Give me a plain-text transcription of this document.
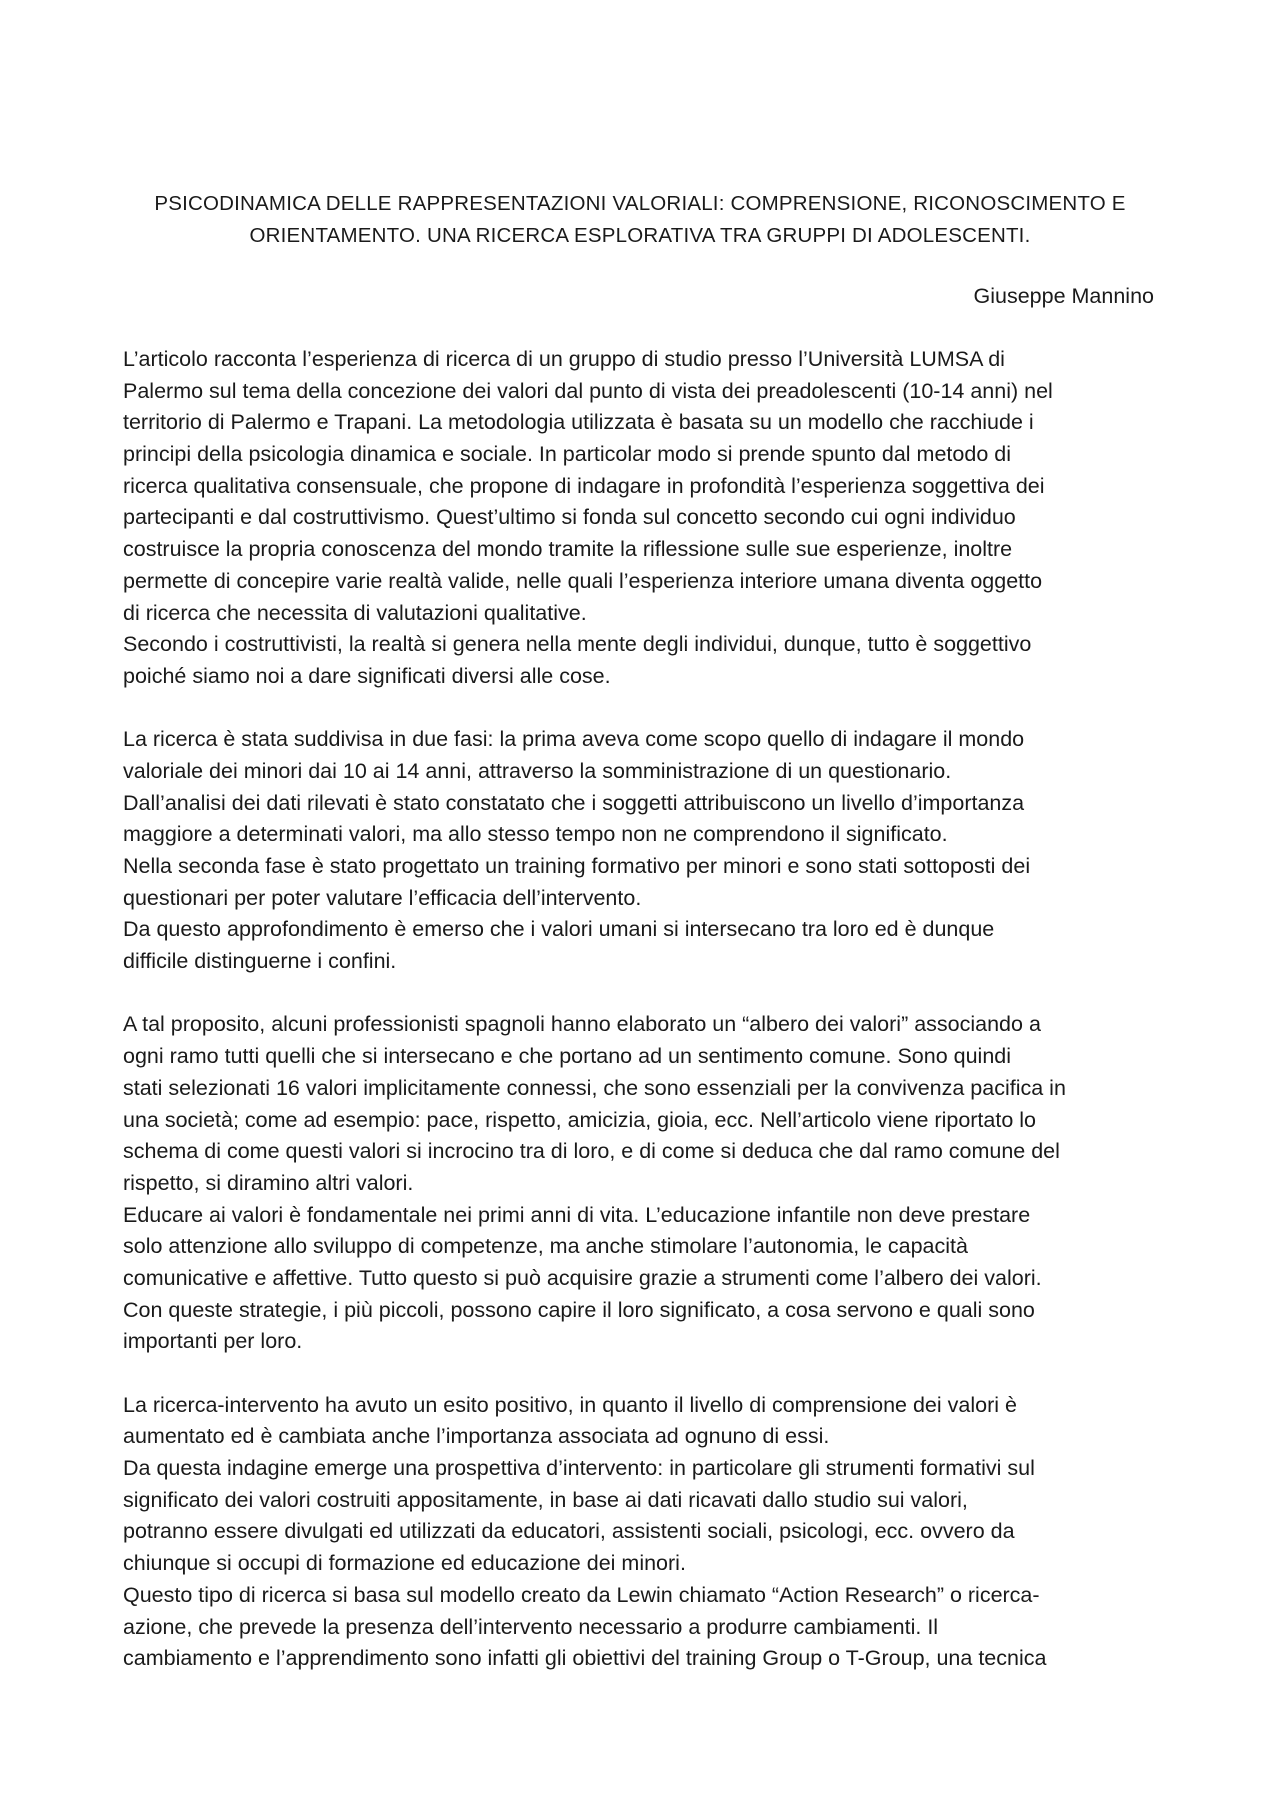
PSICODINAMICA DELLE RAPPRESENTAZIONI VALORIALI: COMPRENSIONE, RICONOSCIMENTO E
ORIENTAMENTO. UNA RICERCA ESPLORATIVA TRA GRUPPI DI ADOLESCENTI.
Giuseppe Mannino
L’articolo racconta l’esperienza di ricerca di un gruppo di studio presso l’Università LUMSA di
Palermo sul tema della concezione dei valori dal punto di vista dei preadolescenti (10-14 anni) nel
territorio di Palermo e Trapani. La metodologia utilizzata è basata su un modello che racchiude i
principi della psicologia dinamica e sociale. In particolar modo si prende spunto dal metodo di
ricerca qualitativa consensuale, che propone di indagare in profondità l’esperienza soggettiva dei
partecipanti e dal costruttivismo. Quest’ultimo si fonda sul concetto secondo cui ogni individuo
costruisce la propria conoscenza del mondo tramite la riflessione sulle sue esperienze, inoltre
permette di concepire varie realtà valide, nelle quali l’esperienza interiore umana diventa oggetto
di ricerca che necessita di valutazioni qualitative.
Secondo i costruttivisti, la realtà si genera nella mente degli individui, dunque, tutto è soggettivo
poiché siamo noi a dare significati diversi alle cose.
La ricerca è stata suddivisa in due fasi: la prima aveva come scopo quello di indagare il mondo
valoriale dei minori dai 10 ai 14 anni, attraverso la somministrazione di un questionario.
Dall’analisi dei dati rilevati è stato constatato che i soggetti attribuiscono un livello d’importanza
maggiore a determinati valori, ma allo stesso tempo non ne comprendono il significato.
Nella seconda fase è stato progettato un training formativo per minori e sono stati sottoposti dei
questionari per poter valutare l’efficacia dell’intervento.
Da questo approfondimento è emerso che i valori umani si intersecano tra loro ed è dunque
difficile distinguerne i confini.
A tal proposito, alcuni professionisti spagnoli hanno elaborato un “albero dei valori” associando a
ogni ramo tutti quelli che si intersecano e che portano ad un sentimento comune. Sono quindi
stati selezionati 16 valori implicitamente connessi, che sono essenziali per la convivenza pacifica in
una società; come ad esempio: pace, rispetto, amicizia, gioia, ecc. Nell’articolo viene riportato lo
schema di come questi valori si incrocino tra di loro, e di come si deduca che dal ramo comune del
rispetto, si diramino altri valori.
Educare ai valori è fondamentale nei primi anni di vita. L’educazione infantile non deve prestare
solo attenzione allo sviluppo di competenze, ma anche stimolare l’autonomia, le capacità
comunicative e affettive. Tutto questo si può acquisire grazie a strumenti come l’albero dei valori.
Con queste strategie, i più piccoli, possono capire il loro significato, a cosa servono e quali sono
importanti per loro.
La ricerca-intervento ha avuto un esito positivo, in quanto il livello di comprensione dei valori è
aumentato ed è cambiata anche l’importanza associata ad ognuno di essi.
Da questa indagine emerge una prospettiva d’intervento: in particolare gli strumenti formativi sul
significato dei valori costruiti appositamente, in base ai dati ricavati dallo studio sui valori,
potranno essere divulgati ed utilizzati da educatori, assistenti sociali, psicologi, ecc. ovvero da
chiunque si occupi di formazione ed educazione dei minori.
Questo tipo di ricerca si basa sul modello creato da Lewin chiamato “Action Research” o ricerca-
azione, che prevede la presenza dell’intervento necessario a produrre cambiamenti. Il
cambiamento e l’apprendimento sono infatti gli obiettivi del training Group o T-Group, una tecnica
